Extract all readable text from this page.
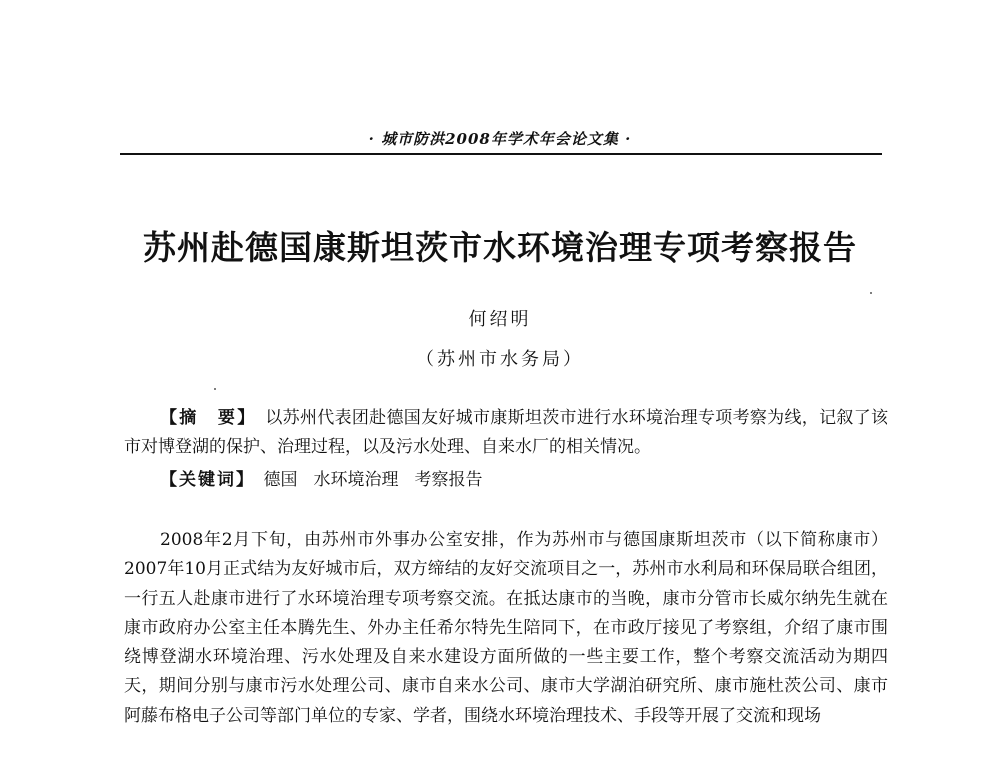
· 城市防洪2008年学术年会论文集 ·
苏州赴德国康斯坦茨市水环境治理专项考察报告
何绍明
（苏州市水务局）

【摘　要】　 以苏州代表团赴德国友好城市康斯坦茨市进行水环境治理专项考察为线，记叙了该市对博登湖的保护、治理过程，以及污水处理、自来水厂的相关情况。

【关键词】　 德国 水环境治理 考察报告

2008年2月下旬，由苏州市外事办公室安排，作为苏州市与德国康斯坦茨市（以下简称康市）2007年10月正式结为友好城市后，双方缔结的友好交流项目之一，苏州市水利局和环保局联合组团，一行五人赴康市进行了水环境治理专项考察交流。在抵达康市的当晚，康市分管市长威尔纳先生就在康市政府办公室主任本腾先生、外办主任希尔特先生陪同下，在市政厅接见了考察组，介绍了康市围绕博登湖水环境治理、污水处理及自来水建设方面所做的一些主要工作，整个考察交流活动为期四天，期间分别与康市污水处理公司、康市自来水公司、康市大学湖泊研究所、康市施杜茨公司、康市阿藤布格电子公司等部门单位的专家、学者，围绕水环境治理技术、手段等开展了交流和现场
